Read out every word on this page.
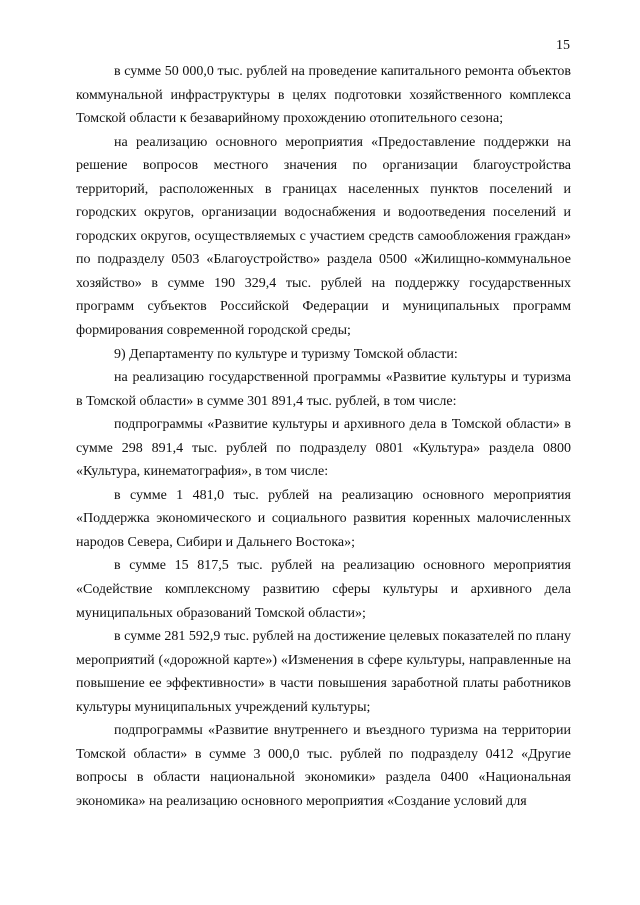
15

в сумме 50 000,0 тыс. рублей на проведение капитального ремонта объектов коммунальной инфраструктуры в целях подготовки хозяйственного комплекса Томской области к безаварийному прохождению отопительного сезона;

на реализацию основного мероприятия «Предоставление поддержки на решение вопросов местного значения по организации благоустройства территорий, расположенных в границах населенных пунктов поселений и городских округов, организации водоснабжения и водоотведения поселений и городских округов, осуществляемых с участием средств самообложения граждан» по подразделу 0503 «Благоустройство» раздела 0500 «Жилищно-коммунальное хозяйство» в сумме 190 329,4 тыс. рублей на поддержку государственных программ субъектов Российской Федерации и муниципальных программ формирования современной городской среды;

9) Департаменту по культуре и туризму Томской области:

на реализацию государственной программы «Развитие культуры и туризма в Томской области» в сумме 301 891,4 тыс. рублей, в том числе:

подпрограммы «Развитие культуры и архивного дела в Томской области» в сумме 298 891,4 тыс. рублей по подразделу 0801 «Культура» раздела 0800 «Культура, кинематография», в том числе:

в сумме 1 481,0 тыс. рублей на реализацию основного мероприятия «Поддержка экономического и социального развития коренных малочисленных народов Севера, Сибири и Дальнего Востока»;

в сумме 15 817,5 тыс. рублей на реализацию основного мероприятия «Содействие комплексному развитию сферы культуры и архивного дела муниципальных образований Томской области»;

в сумме 281 592,9 тыс. рублей на достижение целевых показателей по плану мероприятий («дорожной карте») «Изменения в сфере культуры, направленные на повышение ее эффективности» в части повышения заработной платы работников культуры муниципальных учреждений культуры;

подпрограммы «Развитие внутреннего и въездного туризма на территории Томской области» в сумме 3 000,0 тыс. рублей по подразделу 0412 «Другие вопросы в области национальной экономики» раздела 0400 «Национальная экономика» на реализацию основного мероприятия «Создание условий для
